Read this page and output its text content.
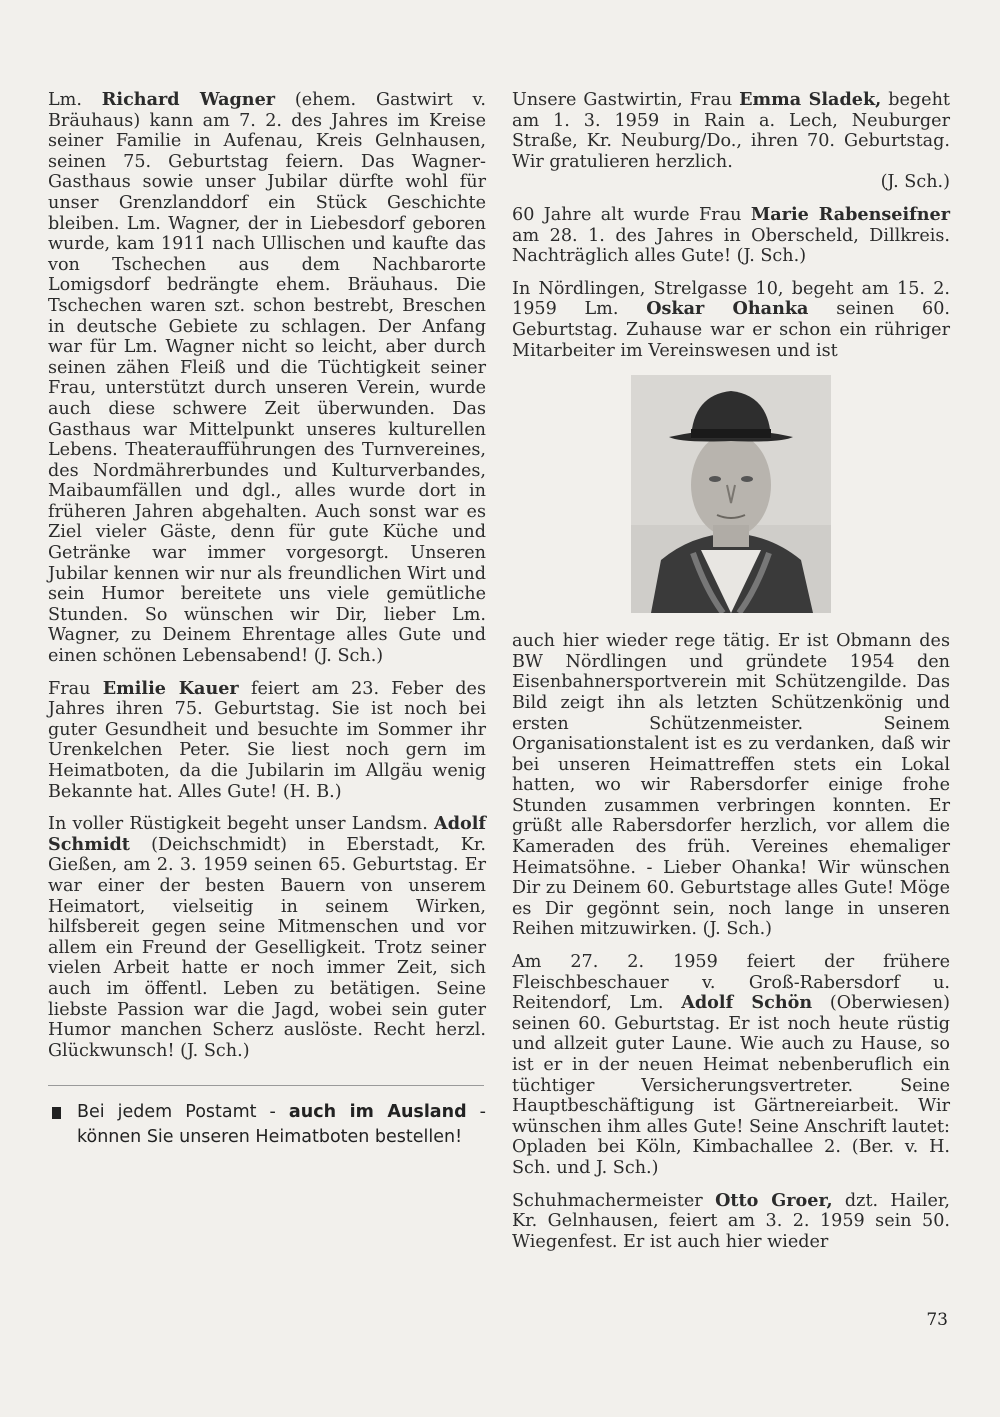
Lm. Richard Wagner (ehem. Gastwirt v. Bräuhaus) kann am 7. 2. des Jahres im Kreise seiner Familie in Aufenau, Kreis Gelnhausen, seinen 75. Geburtstag feiern. Das Wagner-Gasthaus sowie unser Jubilar dürfte wohl für unser Grenzlanddorf ein Stück Geschichte bleiben. Lm. Wagner, der in Liebesdorf geboren wurde, kam 1911 nach Ullischen und kaufte das von Tschechen aus dem Nachbarorte Lomigsdorf bedrängte ehem. Bräuhaus. Die Tschechen waren szt. schon bestrebt, Breschen in deutsche Gebiete zu schlagen. Der Anfang war für Lm. Wagner nicht so leicht, aber durch seinen zähen Fleiß und die Tüchtigkeit seiner Frau, unterstützt durch unseren Verein, wurde auch diese schwere Zeit überwunden. Das Gasthaus war Mittelpunkt unseres kulturellen Lebens. Theateraufführungen des Turnvereines, des Nordmährerbundes und Kulturverbandes, Maibaumfällen und dgl., alles wurde dort in früheren Jahren abgehalten. Auch sonst war es Ziel vieler Gäste, denn für gute Küche und Getränke war immer vorgesorgt. Unseren Jubilar kennen wir nur als freundlichen Wirt und sein Humor bereitete uns viele gemütliche Stunden. So wünschen wir Dir, lieber Lm. Wagner, zu Deinem Ehrentage alles Gute und einen schönen Lebensabend! (J. Sch.)

Frau Emilie Kauer feiert am 23. Feber des Jahres ihren 75. Geburtstag. Sie ist noch bei guter Gesundheit und besuchte im Sommer ihr Urenkelchen Peter. Sie liest noch gern im Heimatboten, da die Jubilarin im Allgäu wenig Bekannte hat. Alles Gute! (H. B.)

In voller Rüstigkeit begeht unser Landsm. Adolf Schmidt (Deichschmidt) in Eberstadt, Kr. Gießen, am 2. 3. 1959 seinen 65. Geburtstag. Er war einer der besten Bauern von unserem Heimatort, vielseitig in seinem Wirken, hilfsbereit gegen seine Mitmenschen und vor allem ein Freund der Geselligkeit. Trotz seiner vielen Arbeit hatte er noch immer Zeit, sich auch im öffentl. Leben zu betätigen. Seine liebste Passion war die Jagd, wobei sein guter Humor manchen Scherz auslöste. Recht herzl. Glückwunsch! (J. Sch.)

Bei jedem Postamt - auch im Ausland - können Sie unseren Heimatboten bestellen!

Unsere Gastwirtin, Frau Emma Sladek, begeht am 1. 3. 1959 in Rain a. Lech, Neuburger Straße, Kr. Neuburg/Do., ihren 70. Geburtstag. Wir gratulieren herzlich.
(J. Sch.)

60 Jahre alt wurde Frau Marie Rabenseifner am 28. 1. des Jahres in Oberscheld, Dillkreis. Nachträglich alles Gute! (J. Sch.)

In Nördlingen, Strelgasse 10, begeht am 15. 2. 1959 Lm. Oskar Ohanka seinen 60. Geburtstag. Zuhause war er schon ein rühriger Mitarbeiter im Vereinswesen und ist

auch hier wieder rege tätig. Er ist Obmann des BW Nördlingen und gründete 1954 den Eisenbahnersportverein mit Schützengilde. Das Bild zeigt ihn als letzten Schützenkönig und ersten Schützenmeister. Seinem Organisationstalent ist es zu verdanken, daß wir bei unseren Heimattreffen stets ein Lokal hatten, wo wir Rabersdorfer einige frohe Stunden zusammen verbringen konnten. Er grüßt alle Rabersdorfer herzlich, vor allem die Kameraden des früh. Vereines ehemaliger Heimatsöhne. - Lieber Ohanka! Wir wünschen Dir zu Deinem 60. Geburtstage alles Gute! Möge es Dir gegönnt sein, noch lange in unseren Reihen mitzuwirken. (J. Sch.)

Am 27. 2. 1959 feiert der frühere Fleischbeschauer v. Groß-Rabersdorf u. Reitendorf, Lm. Adolf Schön (Oberwiesen) seinen 60. Geburtstag. Er ist noch heute rüstig und allzeit guter Laune. Wie auch zu Hause, so ist er in der neuen Heimat nebenberuflich ein tüchtiger Versicherungsvertreter. Seine Hauptbeschäftigung ist Gärtnereiarbeit. Wir wünschen ihm alles Gute! Seine Anschrift lautet: Opladen bei Köln, Kimbachallee 2. (Ber. v. H. Sch. und J. Sch.)

Schuhmachermeister Otto Groer, dzt. Hailer, Kr. Gelnhausen, feiert am 3. 2. 1959 sein 50. Wiegenfest. Er ist auch hier wieder

73
